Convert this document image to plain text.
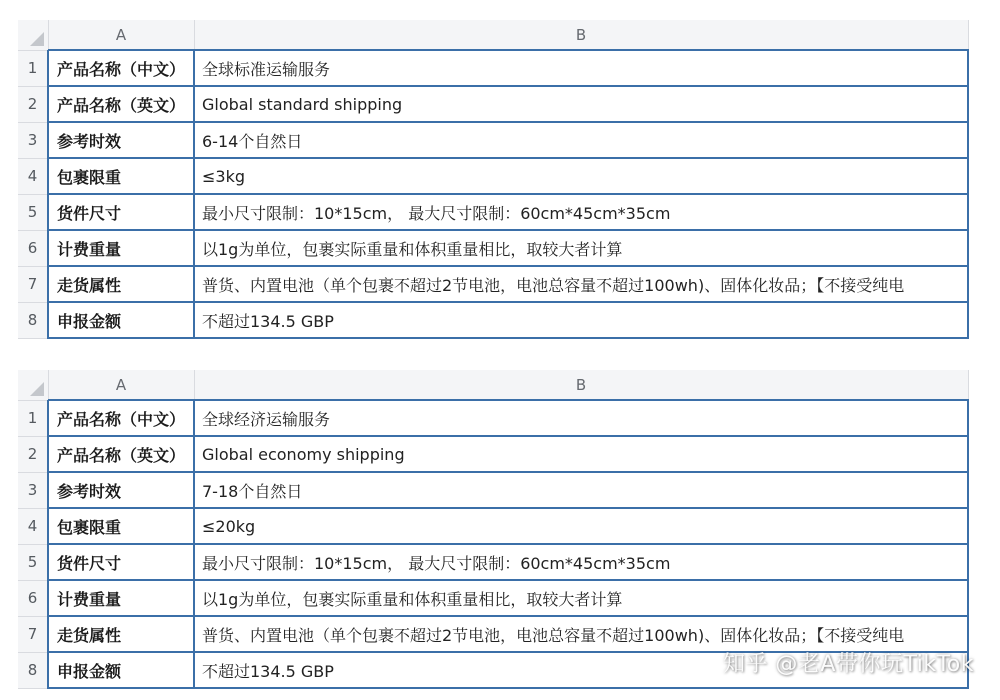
	A	B
1	产品名称（中文）	全球标准运输服务
2	产品名称（英文）	Global standard shipping
3	参考时效	6-14个自然日
4	包裹限重	≤3kg
5	货件尺寸	最小尺寸限制：10*15cm， 最大尺寸限制：60cm*45cm*35cm
6	计费重量	以1g为单位，包裹实际重量和体积重量相比，取较大者计算
7	走货属性	普货、内置电池（单个包裹不超过2节电池，电池总容量不超过100wh)、固体化妆品；【不接受纯电
8	申报金额	不超过134.5 GBP
	A	B
1	产品名称（中文）	全球经济运输服务
2	产品名称（英文）	Global economy shipping
3	参考时效	7-18个自然日
4	包裹限重	≤20kg
5	货件尺寸	最小尺寸限制：10*15cm， 最大尺寸限制：60cm*45cm*35cm
6	计费重量	以1g为单位，包裹实际重量和体积重量相比，取较大者计算
7	走货属性	普货、内置电池（单个包裹不超过2节电池，电池总容量不超过100wh)、固体化妆品；【不接受纯电
8	申报金额	不超过134.5 GBP	知乎 @老A带你玩TikTok
